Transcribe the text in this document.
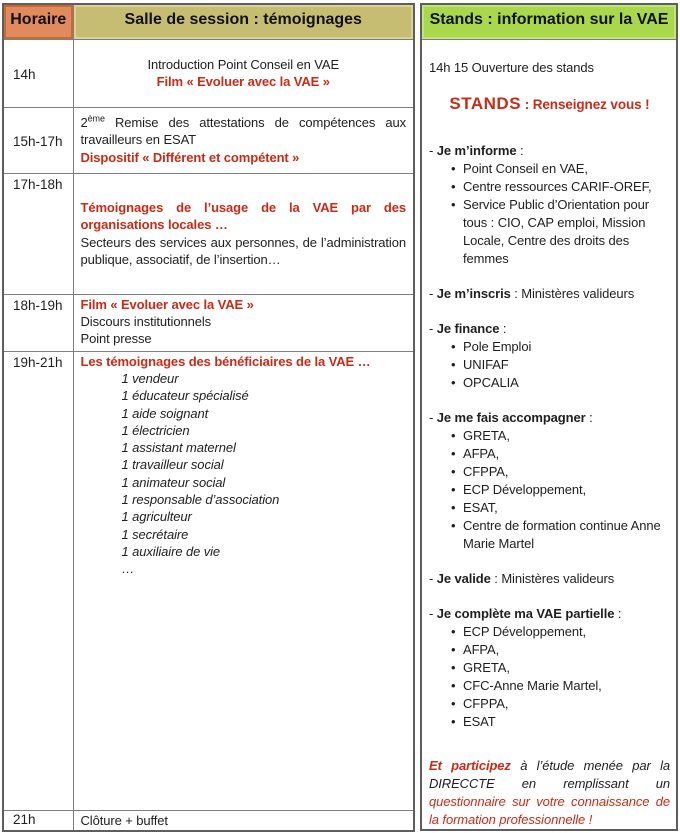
Horaire	Salle de session : témoignages
14h	Introduction Point Conseil en VAE
Film « Evoluer avec la VAE »

15h-17h	2ème Remise des attestations de compétences aux travailleurs en ESAT
Dispositif « Différent et compétent »

17h-18h	Témoignages de l’usage de la VAE par des organisations locales …
Secteurs des services aux personnes, de l’administration publique, associatif, de l’insertion…

18h-19h	Film « Evoluer avec la VAE »
Discours institutionnels
Point presse

19h-21h	Les témoignages des bénéficiaires de la VAE …
1 vendeur
1 éducateur spécialisé
1 aide soignant
1 électricien
1 assistant maternel
1 travailleur social
1 animateur social
1 responsable d’association
1 agriculteur
1 secrétaire
1 auxiliaire de vie
…

21h	Clôture + buffet
Stands : information sur la VAE

14h 15 Ouverture des stands
STANDS : Renseignez vous !
- Je m’informe :
• Point Conseil en VAE,
• Centre ressources CARIF-OREF,
• Service Public d’Orientation pour tous : CIO, CAP emploi, Mission Locale, Centre des droits des femmes
- Je m’inscris : Ministères valideurs
- Je finance :
• Pole Emploi
• UNIFAF
• OPCALIA
- Je me fais accompagner :
• GRETA,
• AFPA,
• CFPPA,
• ECP Développement,
• ESAT,
• Centre de formation continue Anne Marie Martel
- Je valide : Ministères valideurs
- Je complète ma VAE partielle :
• ECP Développement,
• AFPA,
• GRETA,
• CFC-Anne Marie Martel,
• CFPPA,
• ESAT
Et participez à l’étude menée par la DIRECCTE en remplissant un questionnaire sur votre connaissance de la formation professionnelle !
